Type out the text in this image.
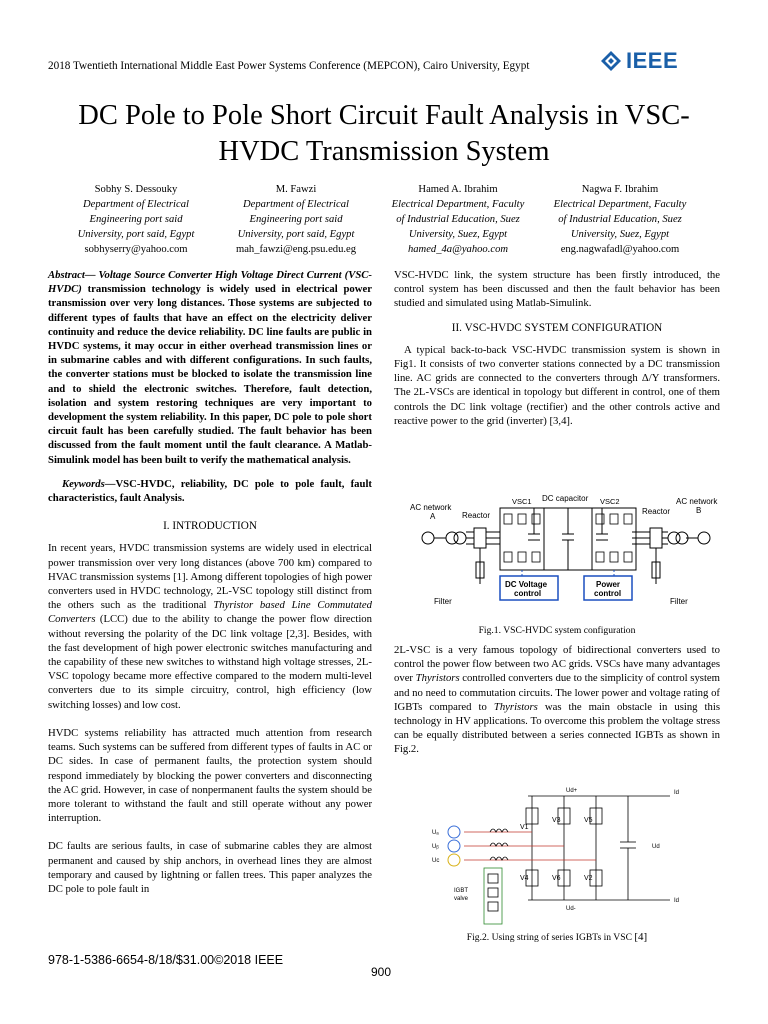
2018 Twentieth International Middle East Power Systems Conference (MEPCON), Cairo University, Egypt	IEEE
DC Pole to Pole Short Circuit Fault Analysis in VSC-
HVDC Transmission System
Sobhy S. Dessouky
Department of Electrical
Engineering port said
University, port said, Egypt
sobhyserry@yahoo.com
M. Fawzi
Department of Electrical
Engineering port said
University, port said, Egypt
mah_fawzi@eng.psu.edu.eg
Hamed A. Ibrahim
Electrical Department, Faculty
of Industrial Education, Suez
University, Suez, Egypt
hamed_4a@yahoo.com
Nagwa F. Ibrahim
Electrical Department, Faculty
of Industrial Education, Suez
University, Suez, Egypt
eng.nagwafadl@yahoo.com

Abstract— Voltage Source Converter High Voltage Direct Current (VSC-HVDC) transmission technology is widely used in electrical power transmission over very long distances. Those systems are subjected to different types of faults that have an effect on the electricity deliver continuity and reduce the device reliability. DC line faults are public in HVDC systems, it may occur in either overhead transmission lines or in submarine cables and with different configurations. In such faults, the converter stations must be blocked to isolate the transmission line and to shield the electronic switches. Therefore, fault detection, isolation and system restoring techniques are very important to development the system reliability. In this paper, DC pole to pole short circuit fault has been carefully studied. The fault behavior has been discussed from the fault moment until the fault clearance. A Matlab- Simulink model has been built to verify the mathematical analysis.

Keywords—VSC-HVDC, reliability, DC pole to pole fault, fault characteristics, fault Analysis.

I. INTRODUCTION

In recent years, HVDC transmission systems are widely used in electrical power transmission over very long distances (above 700 km) compared to HVAC transmission systems [1]. Among different topologies of high power converters used in HVDC technology, 2L-VSC topology still distinct from the others such as the traditional Thyristor based Line Commutated Converters (LCC) due to the ability to change the power flow direction without reversing the polarity of the DC link voltage [2,3]. Besides, with the fast development of high power electronic switches manufacturing and the capability of these new switches to withstand high voltage stresses, 2L-VSC topology became more effective compared to the modern multi-level converters due to its simple circuitry, control, high efficiency (low switching losses) and low cost.

HVDC systems reliability has attracted much attention from research teams. Such systems can be suffered from different types of faults in AC or DC sides. In case of permanent faults, the protection system should respond immediately by blocking the power converters and disconnecting the AC grid. However, in case of nonpermanent faults the system should be more tolerant to withstand the fault and still operate without any power interruption.

DC faults are serious faults, in case of submarine cables they are almost permanent and caused by ship anchors, in overhead lines they are almost temporary and caused by lightning or fallen trees. This paper analyzes the DC pole to pole fault in

VSC-HVDC link, the system structure has been firstly introduced, the control system has been discussed and then the fault behavior has been studied and simulated using Matlab-Simulink.

II. VSC-HVDC SYSTEM CONFIGURATION

A typical back-to-back VSC-HVDC transmission system is shown in Fig1. It consists of two converter stations connected by a DC transmission line. AC grids are connected to the converters through Δ/Y transformers. The 2L-VSCs are identical in topology but different in control, one of them controls the DC link voltage (rectifier) and the other controls active and reactive power to the grid (inverter) [3,4].

DC capacitor
VSC1	VSC2
AC network
A
AC network
B
Reactor	Reactor
Filter	Filter
DC Voltage
control
Power
control
Fig.1. VSC-HVDC system configuration

2L-VSC is a very famous topology of bidirectional converters used to control the power flow between two AC grids. VSCs have many advantages over Thyristors controlled converters due to the simplicity of control system and no need to commutation circuits. The lower power and voltage rating of IGBTs compared to Thyristors was the main obstacle in using this technology in HV applications. To overcome this problem the voltage stress can be equally distributed between a series connected IGBTs as shown in Fig.2.

V1
V3	V5
V4	V6	V2
Uₐ
Uᵦ
Uc
Ud
Ud+
Ud-
Id
Id
IGBT
valve
Fig.2. Using string of series IGBTs in VSC [4]
978-1-5386-6654-8/18/$31.00©2018 IEEE
900
